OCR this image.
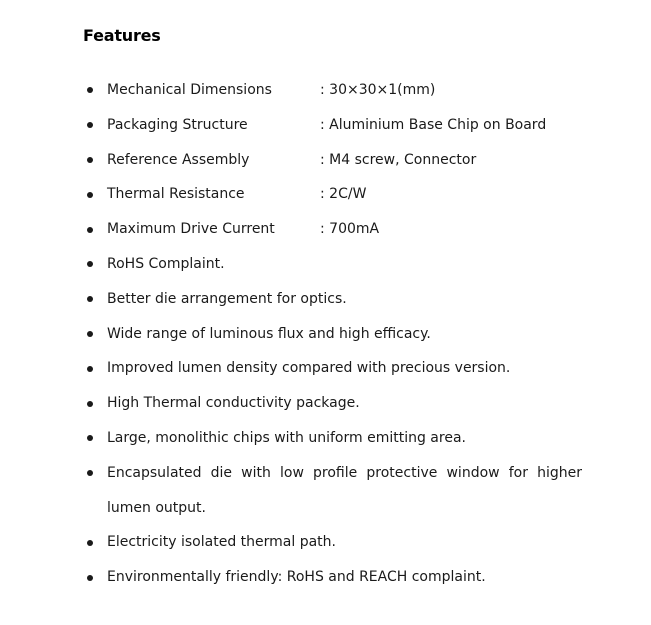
Features
Mechanical Dimensions	: 30×30×1(mm)
Packaging Structure	: Aluminium Base Chip on Board
Reference Assembly	: M4 screw, Connector
Thermal Resistance	: 2C/W
Maximum Drive Current	: 700mA
RoHS Complaint.
Better die arrangement for optics.
Wide range of luminous flux and high efficacy.
Improved lumen density compared with precious version.
High Thermal conductivity package.
Large, monolithic chips with uniform emitting area.
Encapsulated die with low profile protective window for higher lumen output.
Electricity isolated thermal path.
Environmentally friendly: RoHS and REACH complaint.
